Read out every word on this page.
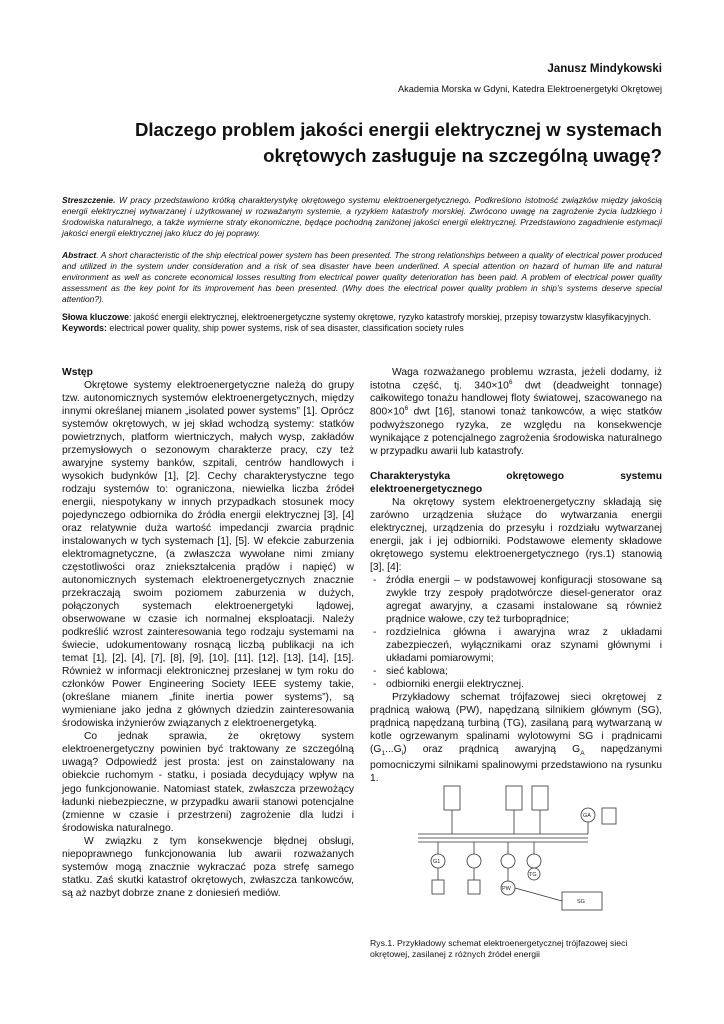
Janusz Mindykowski
Akademia Morska w Gdyni, Katedra Elektroenergetyki Okrętowej
Dlaczego problem jakości energii elektrycznej w systemach
okrętowych zasługuje na szczególną uwagę?
Streszczenie. W pracy przedstawiono krótką charakterystykę okrętowego systemu elektroenergetycznego. Podkreślono istotność związków między jakością energii elektrycznej wytwarzanej i użytkowanej w rozważanym systemie, a ryzykiem katastrofy morskiej. Zwrócono uwagę na zagrożenie życia ludzkiego i środowiska naturalnego, a także wymierne straty ekonomiczne, będące pochodną zaniżonej jakości energii elektrycznej. Przedstawiono zagadnienie estymacji jakości energii elektrycznej jako klucz do jej poprawy.
Abstract. A short characteristic of the ship electrical power system has been presented. The strong relationships between a quality of electrical power produced and utilized in the system under consideration and a risk of sea disaster have been underlined. A special attention on hazard of human life and natural environment as well as concrete economical losses resulting from electrical power quality deterioration has been paid. A problem of electrical power quality assessment as the key point for its improvement has been presented. (Why does the electrical power quality problem in ship's systems deserve special attention?).
Słowa kluczowe: jakość energii elektrycznej, elektroenergetyczne systemy okrętowe, ryzyko katastrofy morskiej, przepisy towarzystw klasyfikacyjnych.
Keywords: electrical power quality, ship power systems, risk of sea disaster, classification society rules

Wstęp

Okrętowe systemy elektroenergetyczne należą do grupy tzw. autonomicznych systemów elektroenergetycznych, między innymi określanej mianem „isolated power systems” [1]. Oprócz systemów okrętowych, w jej skład wchodzą systemy: statków powietrznych, platform wiertniczych, małych wysp, zakładów przemysłowych o sezonowym charakterze pracy, czy też awaryjne systemy banków, szpitali, centrów handlowych i wysokich budynków [1], [2]. Cechy charakterystyczne tego rodzaju systemów to: ograniczona, niewielka liczba źródeł energii, niespotykany w innych przypadkach stosunek mocy pojedynczego odbiornika do źródła energii elektrycznej [3], [4] oraz relatywnie duża wartość impedancji zwarcia prądnic instalowanych w tych systemach [1], [5]. W efekcie zaburzenia elektromagnetyczne, (a zwłaszcza wywołane nimi zmiany częstotliwości oraz zniekształcenia prądów i napięć) w autonomicznych systemach elektroenergetycznych znacznie przekraczają swoim poziomem zaburzenia w dużych, połączonych systemach elektroenergetyki lądowej, obserwowane w czasie ich normalnej eksploatacji. Należy podkreślić wzrost zainteresowania tego rodzaju systemami na świecie, udokumentowany rosnącą liczbą publikacji na ich temat [1], [2], [4], [7], [8], [9], [10], [11], [12], [13], [14], [15]. Również w informacji elektronicznej przesłanej w tym roku do członków Power Engineering Society IEEE systemy takie, (określane mianem „finite inertia power systems”), są wymieniane jako jedna z głównych dziedzin zainteresowania środowiska inżynierów związanych z elektroenergetyką.

Co jednak sprawia, że okrętowy system elektroenergetyczny powinien być traktowany ze szczególną uwagą? Odpowiedź jest prosta: jest on zainstalowany na obiekcie ruchomym - statku, i posiada decydujący wpływ na jego funkcjonowanie. Natomiast statek, zwłaszcza przewożący ładunki niebezpieczne, w przypadku awarii stanowi potencjalne (zmienne w czasie i przestrzeni) zagrożenie dla ludzi i środowiska naturalnego.

W związku z tym konsekwencje błędnej obsługi, niepoprawnego funkcjonowania lub awarii rozważanych systemów mogą znacznie wykraczać poza strefę samego statku. Zaś skutki katastrof okrętowych, zwłaszcza tankowców, są aż nazbyt dobrze znane z doniesień mediów.

Waga rozważanego problemu wzrasta, jeżeli dodamy, iż istotna część, tj. $340\times 10^6$ dwt (deadweight tonnage) całkowitego tonażu handlowej floty światowej, szacowanego na $800\times 10^6$ dwt [16], stanowi tonaż tankowców, a więc statków podwyższonego ryzyka, ze względu na konsekwencje wynikające z potencjalnego zagrożenia środowiska naturalnego w przypadku awarii lub katastrofy.

Charakterystyka okrętowego systemu elektroenergetycznego

Na okrętowy system elektroenergetyczny składają się zarówno urządzenia służące do wytwarzania energii elektrycznej, urządzenia do przesyłu i rozdziału wytwarzanej energii, jak i jej odbiorniki. Podstawowe elementy składowe okrętowego systemu elektroenergetycznego (rys.1) stanowią [3], [4]:

- źródła energii – w podstawowej konfiguracji stosowane są zwykle trzy zespoły prądotwórcze diesel-generator oraz agregat awaryjny, a czasami instalowane są również prądnice wałowe, czy też turboprądnice;
- rozdzielnica główna i awaryjna wraz z układami zabezpieczeń, wyłącznikami oraz szynami głównymi i układami pomiarowymi;
- sieć kablowa;
- odbiorniki energii elektrycznej.

Przykładowy schemat trójfazowej sieci okrętowej z prądnicą wałową (PW), napędzaną silnikiem głównym (SG), prądnicą napędzaną turbiną (TG), zasilaną parą wytwarzaną w kotle ogrzewanym spalinami wylotowymi SG i prądnicami $(G_1...G_i)$ oraz prądnicą awaryjną $G_A$ napędzanymi pomocniczymi silnikami spalinowymi przedstawiono na rysunku 1.

G1
PW
TG
SG
GA
Rys.1. Przykładowy schemat elektroenergetycznej trójfazowej sieci okrętowej, zasilanej z różnych źródeł energii
